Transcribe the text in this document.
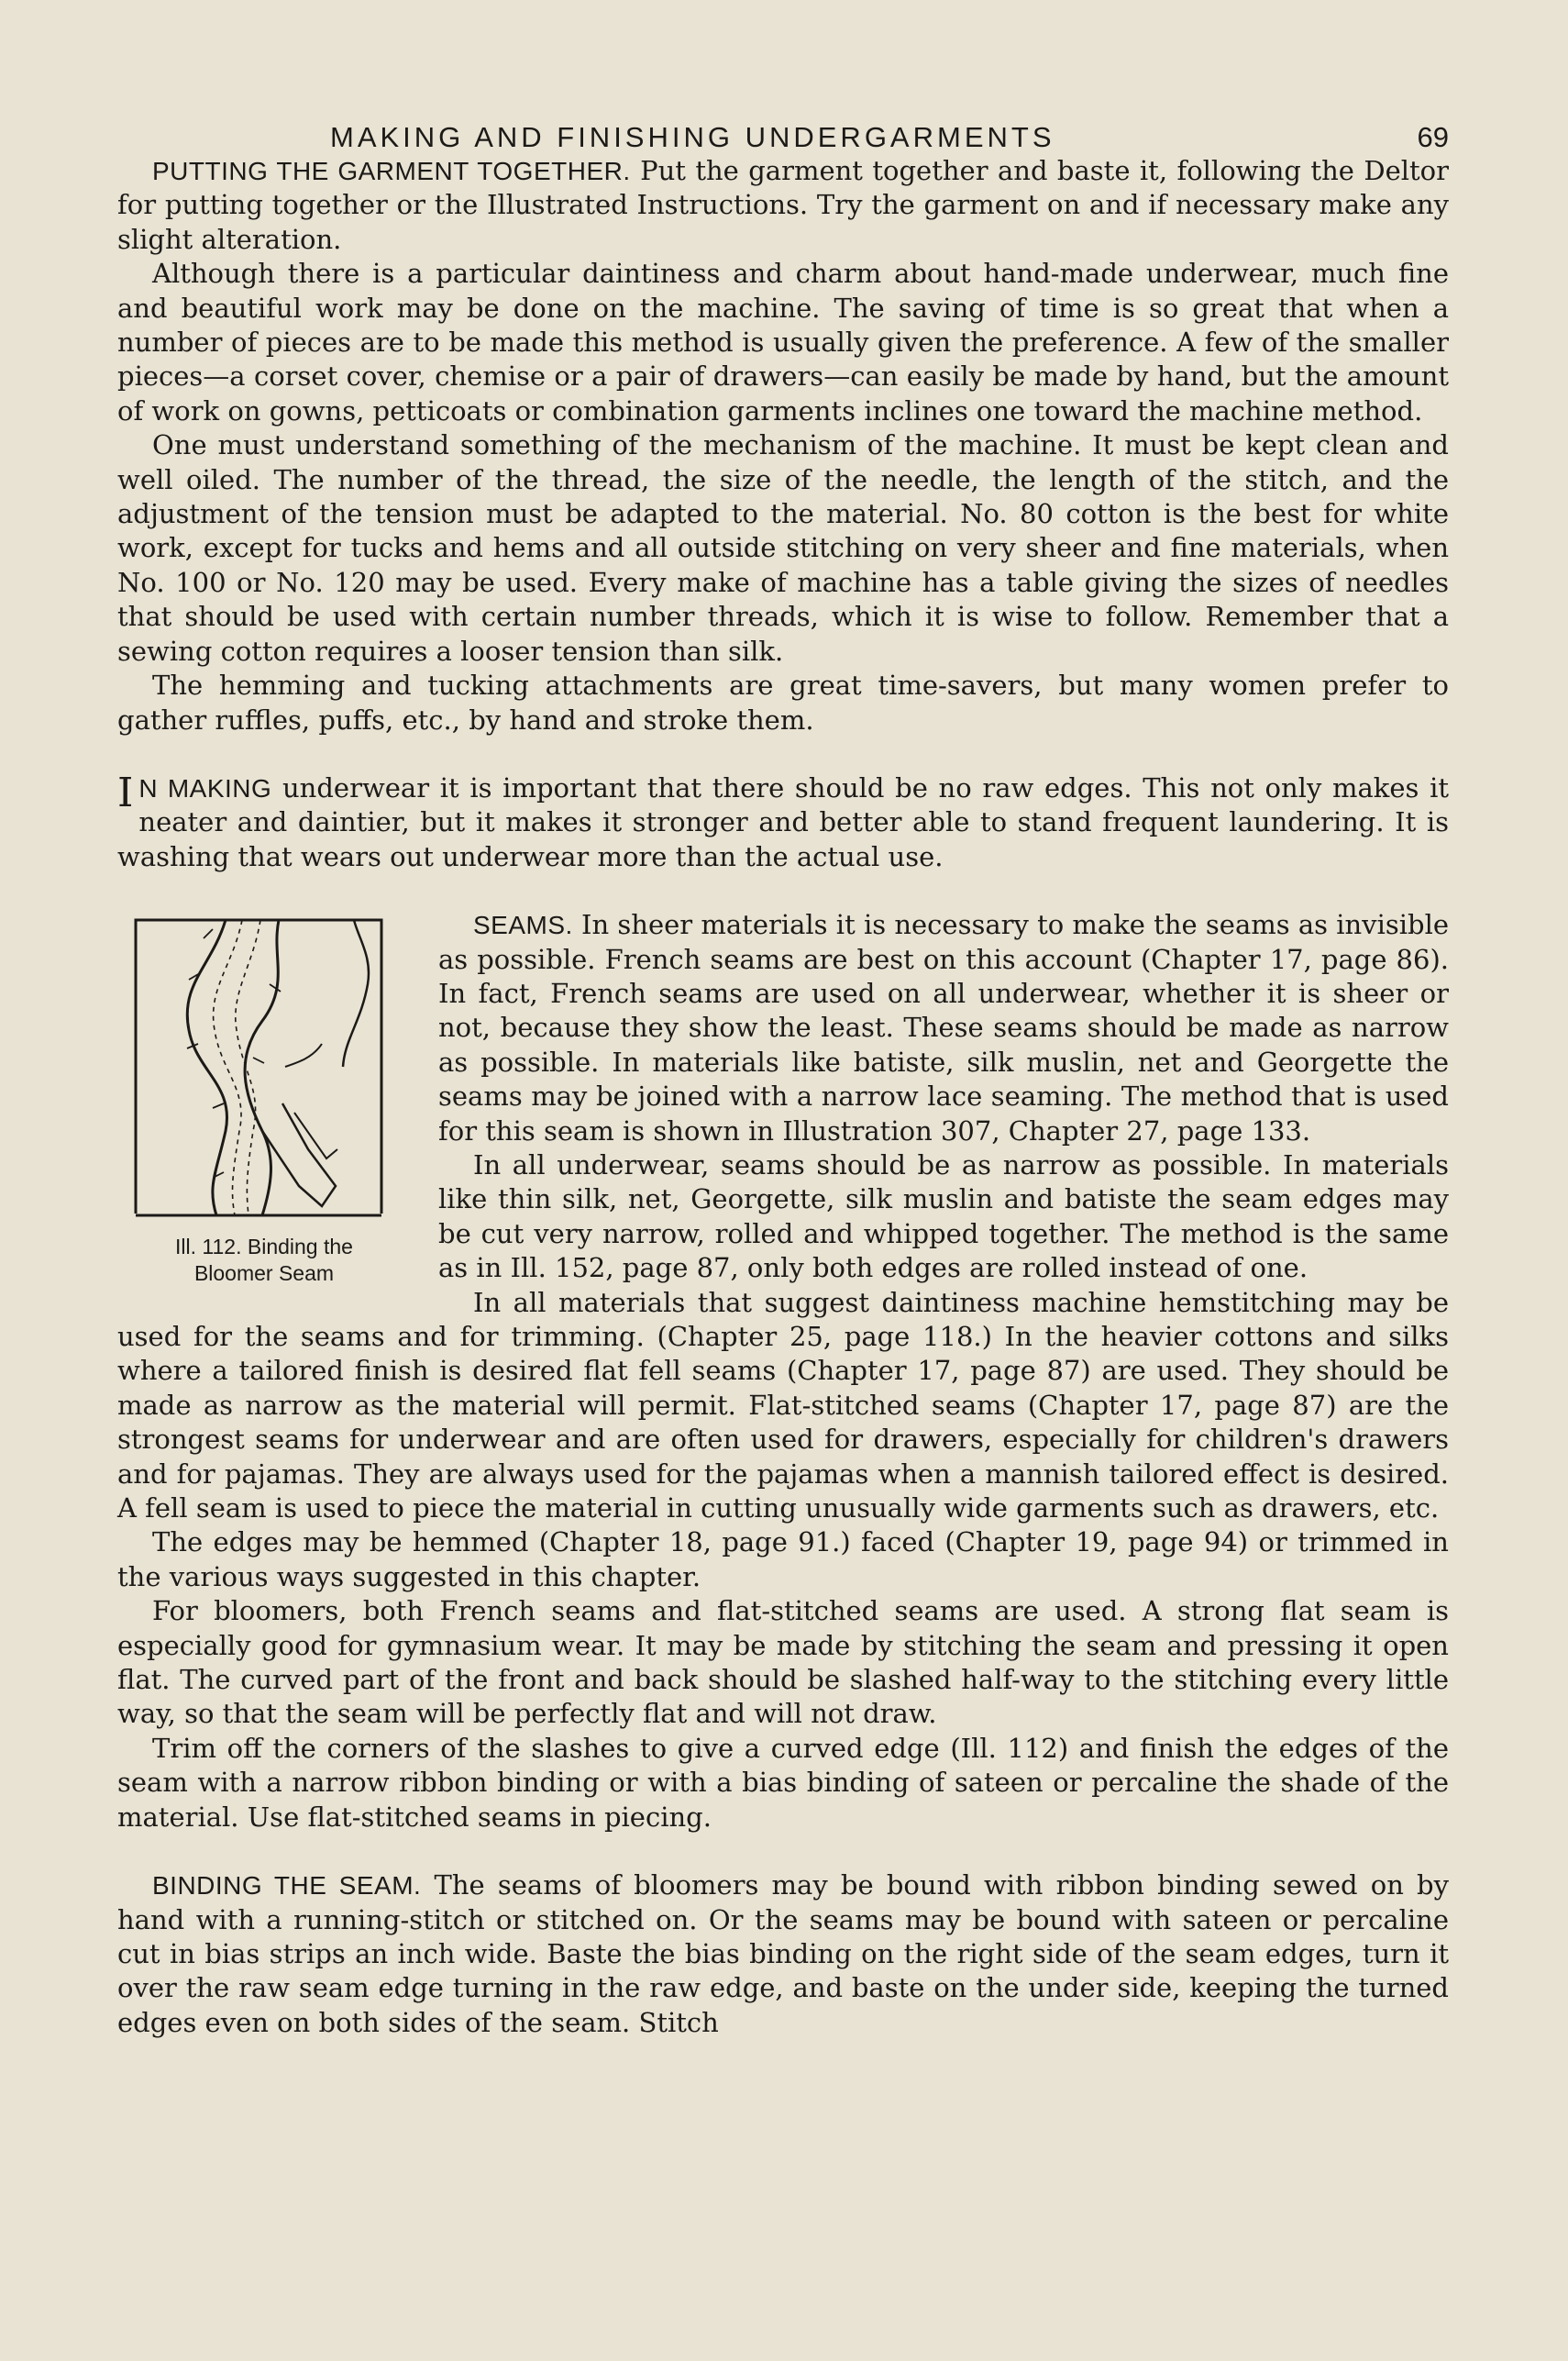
MAKING AND FINISHING UNDERGARMENTS	69

PUTTING THE GARMENT TOGETHER. Put the garment together and baste it, following the Deltor for putting together or the Illustrated Instructions. Try the garment on and if necessary make any slight alteration.

Although there is a particular daintiness and charm about hand-made underwear, much fine and beautiful work may be done on the machine. The saving of time is so great that when a number of pieces are to be made this method is usually given the preference. A few of the smaller pieces—a corset cover, chemise or a pair of drawers—can easily be made by hand, but the amount of work on gowns, petticoats or combination garments inclines one toward the machine method.

One must understand something of the mechanism of the machine. It must be kept clean and well oiled. The number of the thread, the size of the needle, the length of the stitch, and the adjustment of the tension must be adapted to the material. No. 80 cotton is the best for white work, except for tucks and hems and all outside stitching on very sheer and fine materials, when No. 100 or No. 120 may be used. Every make of machine has a table giving the sizes of needles that should be used with certain number threads, which it is wise to follow. Remember that a sewing cotton requires a looser tension than silk.

The hemming and tucking attachments are great time-savers, but many women prefer to gather ruffles, puffs, etc., by hand and stroke them.

I N MAKING underwear it is important that there should be no raw edges. This not only makes it neater and daintier, but it makes it stronger and better able to stand frequent laundering. It is washing that wears out underwear more than the actual use.

Ill. 112. Binding the
Bloomer Seam

SEAMS. In sheer materials it is necessary to make the seams as invisible as possible. French seams are best on this account (Chapter 17, page 86). In fact, French seams are used on all underwear, whether it is sheer or not, because they show the least. These seams should be made as narrow as possible. In materials like batiste, silk muslin, net and Georgette the seams may be joined with a narrow lace seaming. The method that is used for this seam is shown in Illustration 307, Chapter 27, page 133.

In all underwear, seams should be as narrow as possible. In materials like thin silk, net, Georgette, silk muslin and batiste the seam edges may be cut very narrow, rolled and whipped together. The method is the same as in Ill. 152, page 87, only both edges are rolled instead of one.

In all materials that suggest daintiness machine hemstitching may be used for the seams and for trimming. (Chapter 25, page 118.) In the heavier cottons and silks where a tailored finish is desired flat fell seams (Chapter 17, page 87) are used. They should be made as narrow as the material will permit. Flat-stitched seams (Chapter 17, page 87) are the strongest seams for underwear and are often used for drawers, especially for children's drawers and for pajamas. They are always used for the pajamas when a mannish tailored effect is desired. A fell seam is used to piece the material in cutting unusually wide garments such as drawers, etc.

The edges may be hemmed (Chapter 18, page 91.) faced (Chapter 19, page 94) or trimmed in the various ways suggested in this chapter.

For bloomers, both French seams and flat-stitched seams are used. A strong flat seam is especially good for gymnasium wear. It may be made by stitching the seam and pressing it open flat. The curved part of the front and back should be slashed half-way to the stitching every little way, so that the seam will be perfectly flat and will not draw.

Trim off the corners of the slashes to give a curved edge (Ill. 112) and finish the edges of the seam with a narrow ribbon binding or with a bias binding of sateen or percaline the shade of the material. Use flat-stitched seams in piecing.

BINDING THE SEAM. The seams of bloomers may be bound with ribbon binding sewed on by hand with a running-stitch or stitched on. Or the seams may be bound with sateen or percaline cut in bias strips an inch wide. Baste the bias binding on the right side of the seam edges, turn it over the raw seam edge turning in the raw edge, and baste on the under side, keeping the turned edges even on both sides of the seam. Stitch
